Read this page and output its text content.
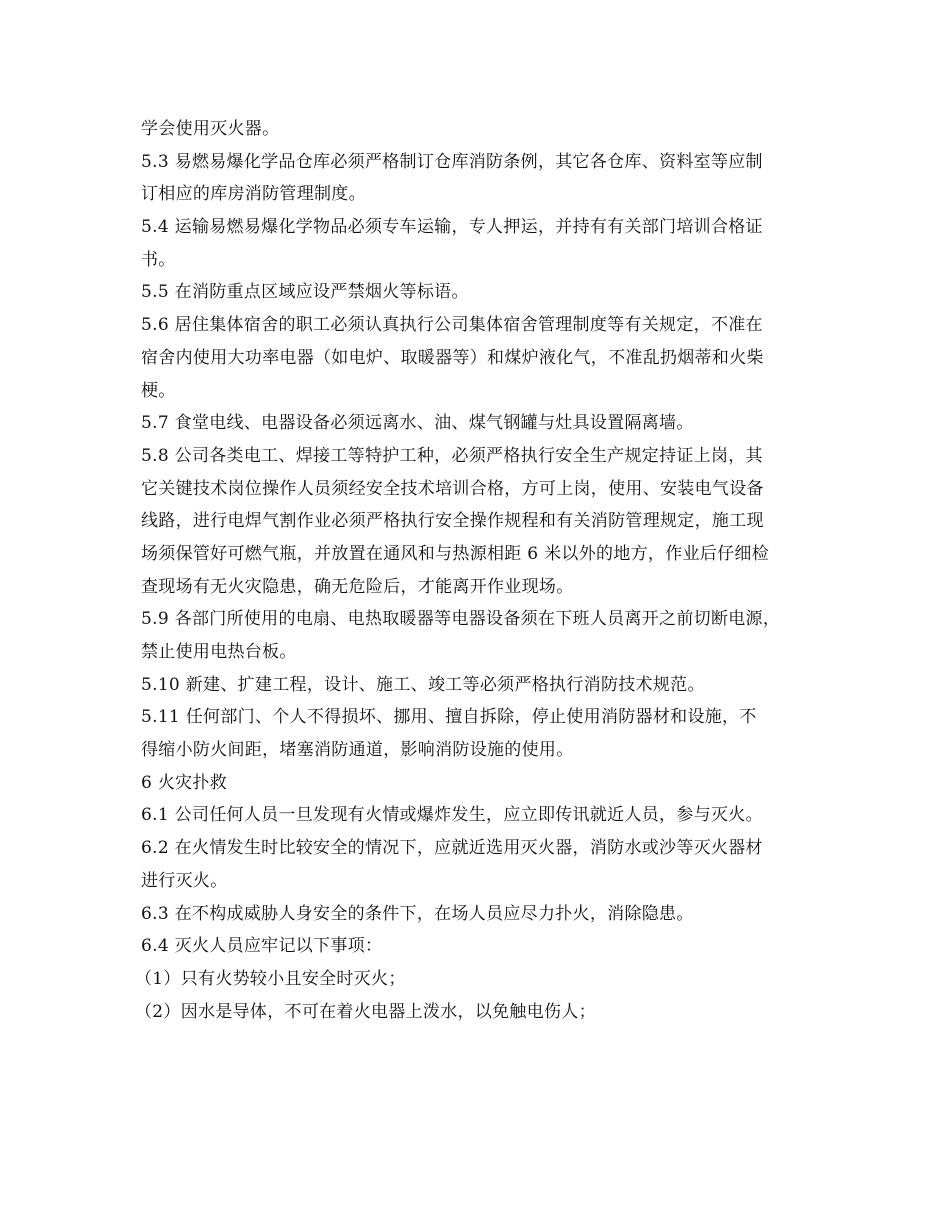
学会使用灭火器。
5.3 易燃易爆化学品仓库必须严格制订仓库消防条例，其它各仓库、资料室等应制
订相应的库房消防管理制度。
5.4 运输易燃易爆化学物品必须专车运输，专人押运，并持有有关部门培训合格证
书。
5.5 在消防重点区域应设严禁烟火等标语。
5.6 居住集体宿舍的职工必须认真执行公司集体宿舍管理制度等有关规定，不准在
宿舍内使用大功率电器（如电炉、取暖器等）和煤炉液化气，不准乱扔烟蒂和火柴
梗。
5.7 食堂电线、电器设备必须远离水、油、煤气钢罐与灶具设置隔离墙。
5.8 公司各类电工、焊接工等特护工种，必须严格执行安全生产规定持证上岗，其
它关键技术岗位操作人员须经安全技术培训合格，方可上岗，使用、安装电气设备
线路，进行电焊气割作业必须严格执行安全操作规程和有关消防管理规定，施工现
场须保管好可燃气瓶，并放置在通风和与热源相距 6 米以外的地方，作业后仔细检
查现场有无火灾隐患，确无危险后，才能离开作业现场。
5.9 各部门所使用的电扇、电热取暖器等电器设备须在下班人员离开之前切断电源，
禁止使用电热台板。
5.10 新建、扩建工程，设计、施工、竣工等必须严格执行消防技术规范。
5.11 任何部门、个人不得损坏、挪用、擅自拆除，停止使用消防器材和设施，不
得缩小防火间距，堵塞消防通道，影响消防设施的使用。
6 火灾扑救
6.1 公司任何人员一旦发现有火情或爆炸发生，应立即传讯就近人员，参与灭火。
6.2 在火情发生时比较安全的情况下，应就近选用灭火器，消防水或沙等灭火器材
进行灭火。
6.3 在不构成威胁人身安全的条件下，在场人员应尽力扑火，消除隐患。
6.4 灭火人员应牢记以下事项：
（1）只有火势较小且安全时灭火；
（2）因水是导体，不可在着火电器上泼水，以免触电伤人；
